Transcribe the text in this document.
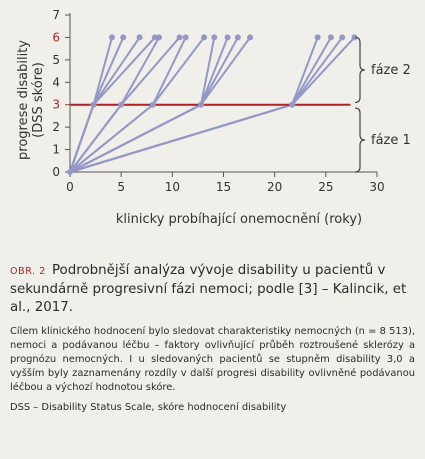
0	5	10	15	20	25	30
0
1
2
3
4
5
6
7
fáze 2
fáze 1
klinicky probíhající onemocnění (roky)
progrese disability (DSS skóre)

OBR. 2 Podrobnější analýza vývoje disability u pacientů v sekundárně progresivní fázi nemoci; podle [3] – Kalincik, et al., 2017.

Cílem klinického hodnocení bylo sledovat charakteristiky nemocných (n = 8 513), nemoci a podávanou léčbu – faktory ovlivňující průběh roztroušené sklerózy a prognózu nemocných. I u sledovaných pacientů se stupněm disability 3,0 a vyšším byly zaznamenány rozdíly v další progresi disability ovlivněné podávanou léčbou a výchozí hodnotou skóre.

DSS – Disability Status Scale, skóre hodnocení disability
